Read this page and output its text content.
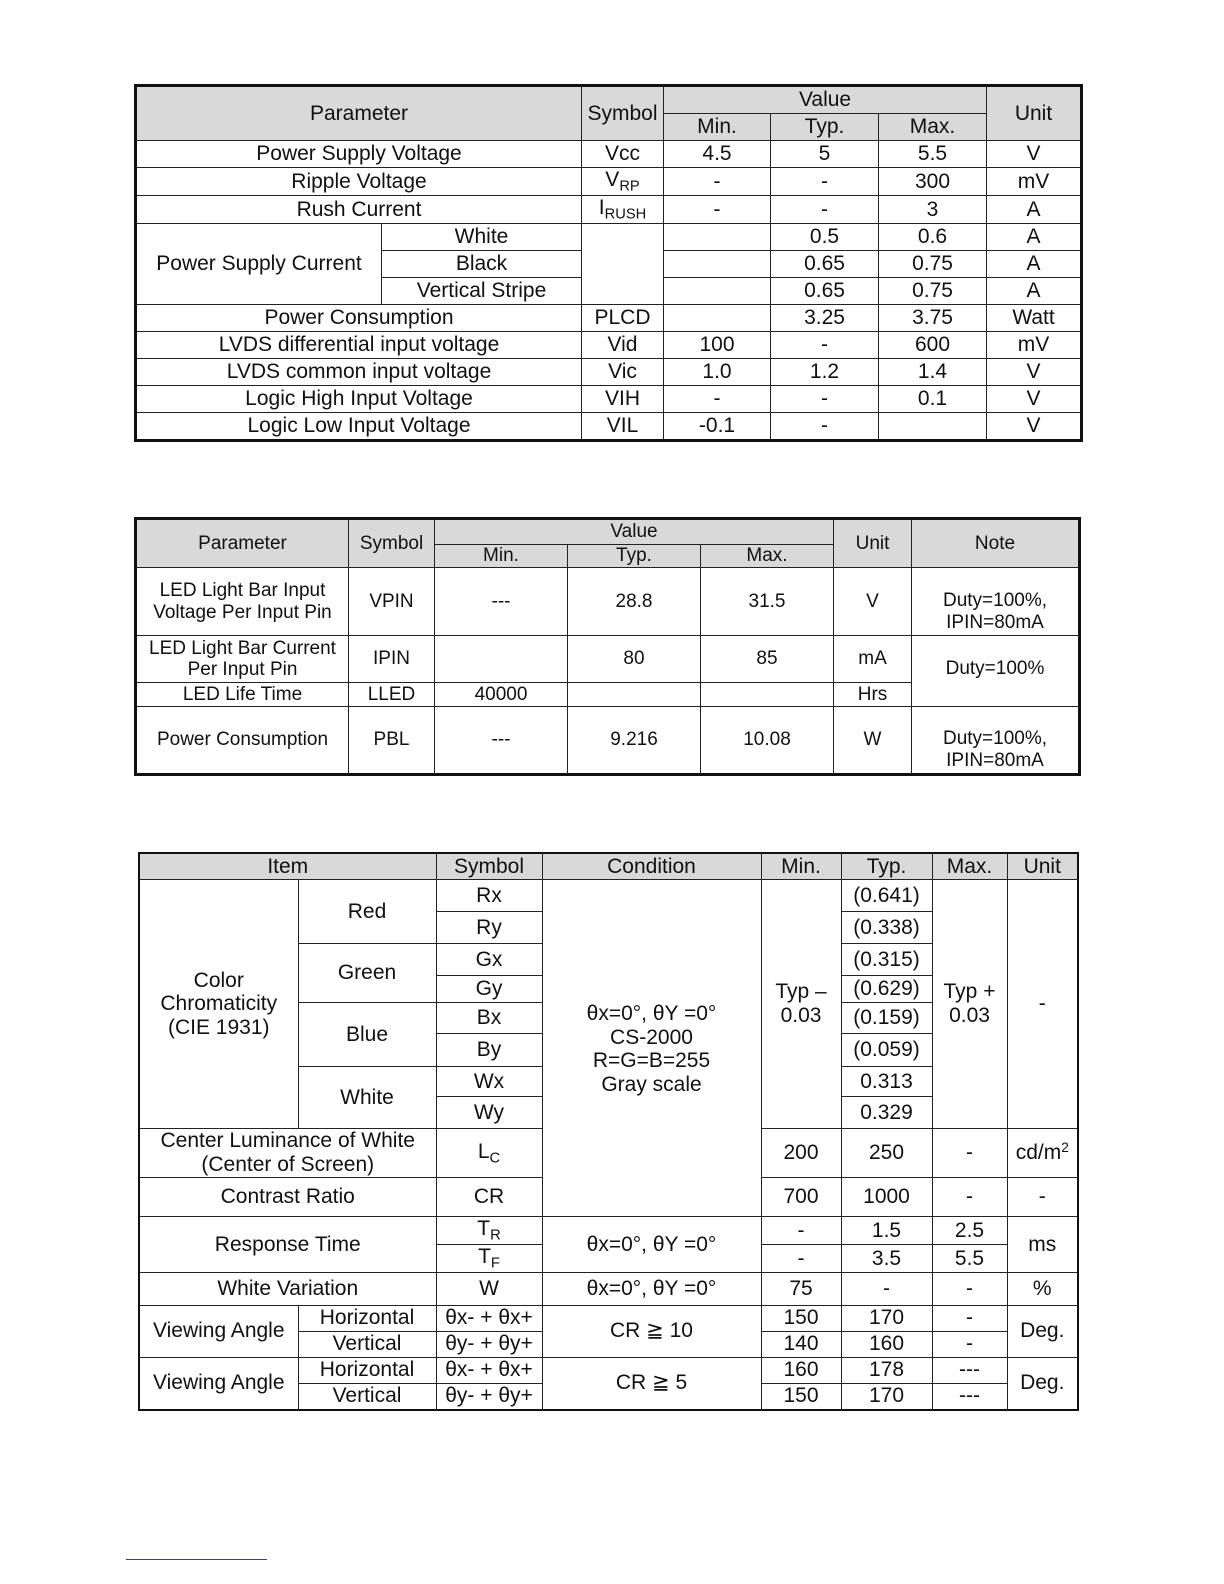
Parameter		Symbol	Value			Unit
			Min.	Typ.	Max.	
Power Supply Voltage		Vcc	4.5	5	5.5	V
Ripple Voltage		$V_{RP}$	-	-	300	mV
Rush Current		$I_{RUSH}$	-	-	3	A
Power Supply Current	White			0.5	0.6	A
	Black			0.65	0.75	A
	Vertical Stripe			0.65	0.75	A
Power Consumption		PLCD		3.25	3.75	Watt
LVDS differential input voltage		Vid	100	-	600	mV
LVDS common input voltage		Vic	1.0	1.2	1.4	V
Logic High Input Voltage		VIH	-	-	0.1	V
Logic Low Input Voltage		VIL	-0.1	-		V
Parameter	Symbol	Value			Unit	Note
		Min.	Typ.	Max.		
LED Light Bar Input Voltage Per Input Pin	VPIN	---	28.8	31.5	V	Duty=100%, IPIN=80mA
LED Light Bar Current Per Input Pin	IPIN		80	85	mA	Duty=100%
LED Life Time	LLED	40000			Hrs	
Power Consumption	PBL	---	9.216	10.08	W	Duty=100%, IPIN=80mA
Item		Symbol	Condition	Min.	Typ.	Max.	Unit
Color Chromaticity (CIE 1931)	Red	Rx	θx=0°, θY =0°
CS-2000
R=G=B=255
Gray scale	Typ – 0.03	(0.641)	Typ + 0.03	-
		Ry			(0.338)		
	Green	Gx			(0.315)		
		Gy			(0.629)		
	Blue	Bx			(0.159)		
		By			(0.059)		
	White	Wx			0.313		
		Wy			0.329		
Center Luminance of White (Center of Screen)		$L_C$		200	250	-	$cd/m^2$
Contrast Ratio		CR		700	1000	-	-
Response Time		$T_R$	θx=0°, θY =0°	-	1.5	2.5	ms
		$T_F$		-	3.5	5.5	
White Variation		W	θx=0°, θY =0°	75	-	-	%
Viewing Angle	Horizontal	θx- + θx+	CR ≧ 10	150	170	-	Deg.
	Vertical	θy- + θy+		140	160	-	
Viewing Angle	Horizontal	θx- + θx+	CR ≧ 5	160	178	---	Deg.
	Vertical	θy- + θy+		150	170	---	
